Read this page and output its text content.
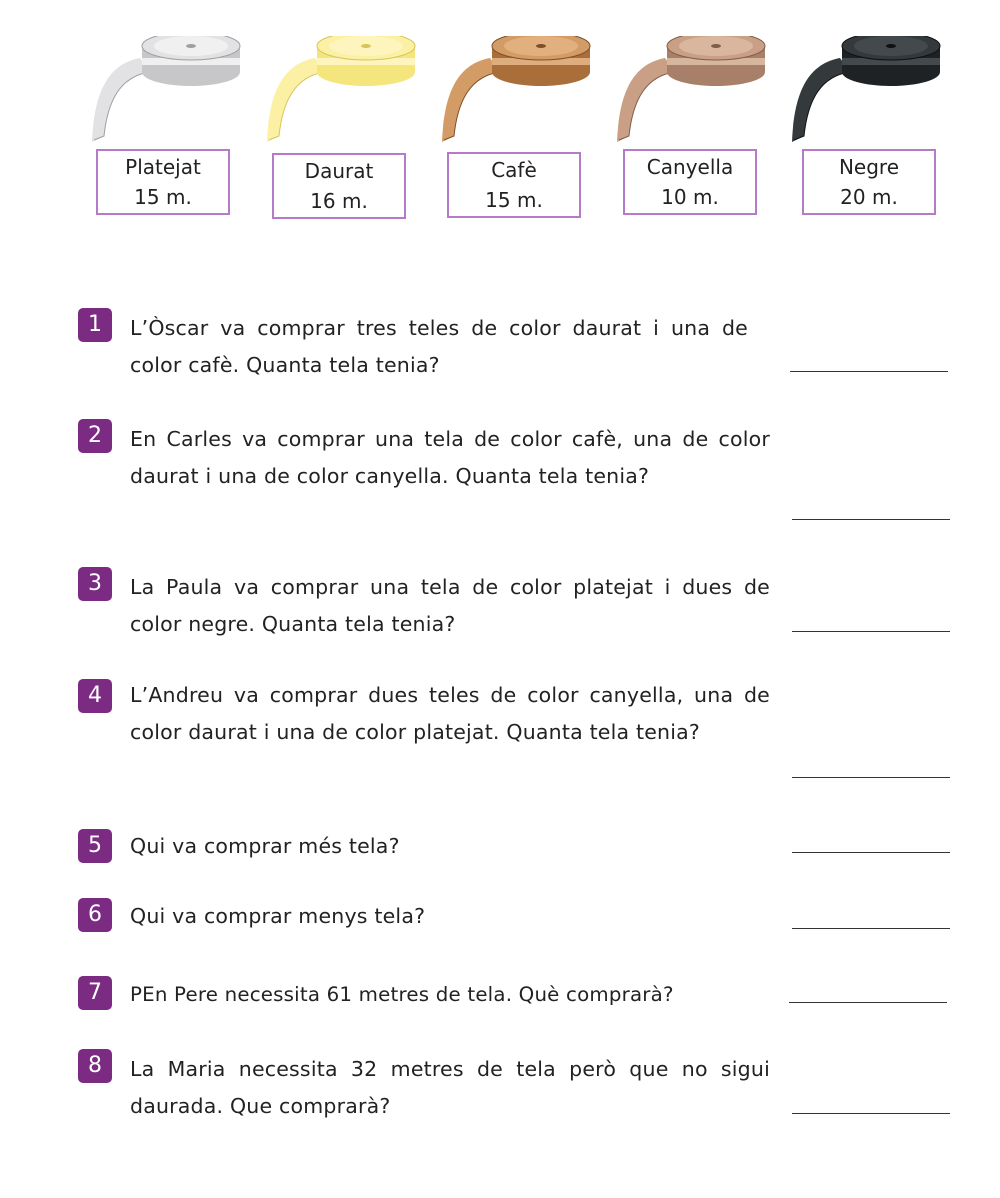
Platejat
15 m.
Daurat
16 m.
Cafè
15 m.
Canyella
10 m.
Negre
20 m.
1	L’Òscar va comprar tres teles de color daurat i una de color cafè. Quanta tela tenia?
2	En Carles va comprar una tela de color cafè, una de color daurat i una de color canyella. Quanta tela tenia?
3	La Paula va comprar una tela de color platejat i dues de color negre. Quanta tela tenia?
4	L’Andreu va comprar dues teles de color canyella, una de color daurat i una de color platejat. Quanta tela tenia?
5	Qui va comprar més tela?
6	Qui va comprar menys tela?
7	PEn Pere necessita 61 metres de tela. Què comprarà?
8	La Maria necessita 32 metres de tela però que no sigui daurada. Que comprarà?
